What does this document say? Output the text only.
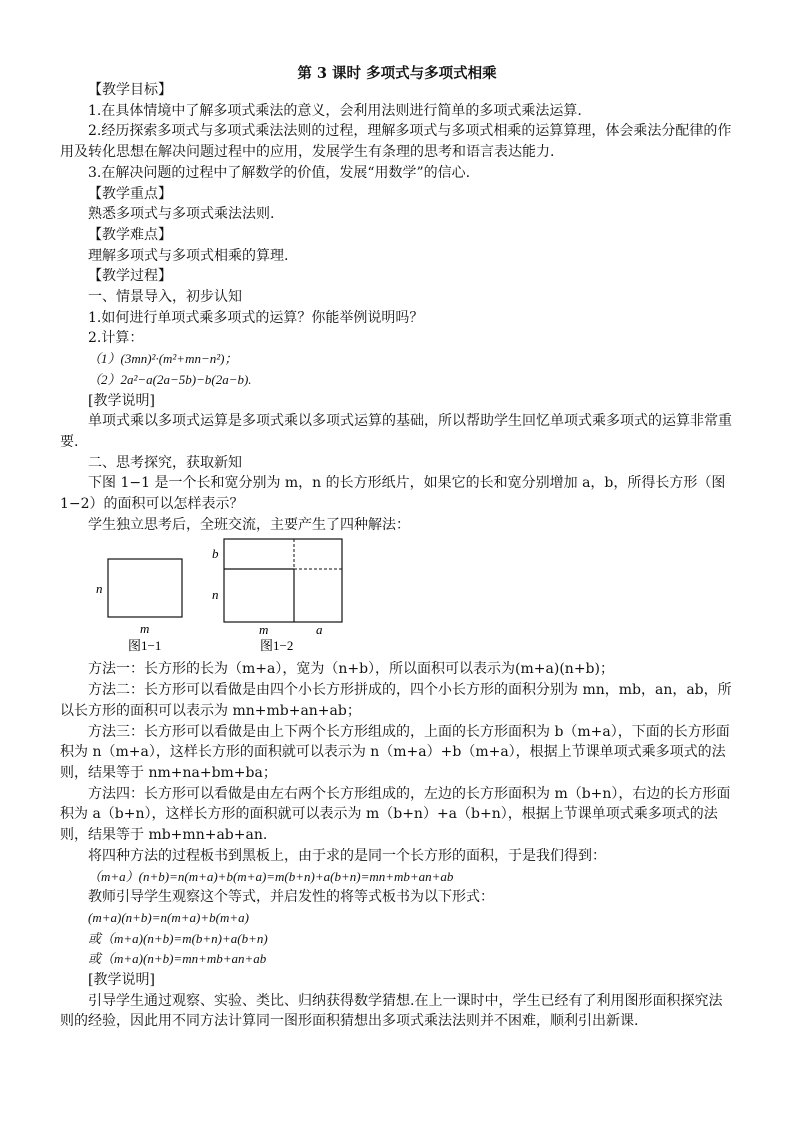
第 3 课时 多项式与多项式相乘

【教学目标】

1.在具体情境中了解多项式乘法的意义，会利用法则进行简单的多项式乘法运算.

2.经历探索多项式与多项式乘法法则的过程，理解多项式与多项式相乘的运算算理，体会乘法分配律的作用及转化思想在解决问题过程中的应用，发展学生有条理的思考和语言表达能力.

3.在解决问题的过程中了解数学的价值，发展“用数学”的信心.

【教学重点】

熟悉多项式与多项式乘法法则.

【教学难点】

理解多项式与多项式相乘的算理.

【教学过程】

一、情景导入，初步认知

1.如何进行单项式乘多项式的运算？你能举例说明吗？

2.计算：

（1）(3mn)²·(m²+mn−n²)；

（2）2a²−a(2a−5b)−b(2a−b).

[教学说明]

单项式乘以多项式运算是多项式乘以多项式运算的基础，所以帮助学生回忆单项式乘多项式的运算非常重要.

二、思考探究，获取新知

下图 1−1 是一个长和宽分别为 m，n 的长方形纸片，如果它的长和宽分别增加 a，b，所得长方形（图 1−2）的面积可以怎样表示？

学生独立思考后，全班交流，主要产生了四种解法：

n
m
图1−1
b
n
m	a
图1−2

方法一：长方形的长为（m+a），宽为（n+b），所以面积可以表示为(m+a)(n+b)；

方法二：长方形可以看做是由四个小长方形拼成的，四个小长方形的面积分别为 mn，mb，an，ab，所以长方形的面积可以表示为 mn+mb+an+ab；

方法三：长方形可以看做是由上下两个长方形组成的，上面的长方形面积为 b（m+a），下面的长方形面积为 n（m+a），这样长方形的面积就可以表示为 n（m+a）+b（m+a），根据上节课单项式乘多项式的法则，结果等于 nm+na+bm+ba；

方法四：长方形可以看做是由左右两个长方形组成的，左边的长方形面积为 m（b+n），右边的长方形面积为 a（b+n），这样长方形的面积就可以表示为 m（b+n）+a（b+n），根据上节课单项式乘多项式的法则，结果等于 mb+mn+ab+an.

将四种方法的过程板书到黑板上，由于求的是同一个长方形的面积，于是我们得到：

（m+a）(n+b)=n(m+a)+b(m+a)=m(b+n)+a(b+n)=mn+mb+an+ab

教师引导学生观察这个等式，并启发性的将等式板书为以下形式：

(m+a)(n+b)=n(m+a)+b(m+a)

或（m+a)(n+b)=m(b+n)+a(b+n)

或（m+a)(n+b)=mn+mb+an+ab

[教学说明]

引导学生通过观察、实验、类比、归纳获得数学猜想.在上一课时中，学生已经有了利用图形面积探究法则的经验，因此用不同方法计算同一图形面积猜想出多项式乘法法则并不困难，顺利引出新课.
